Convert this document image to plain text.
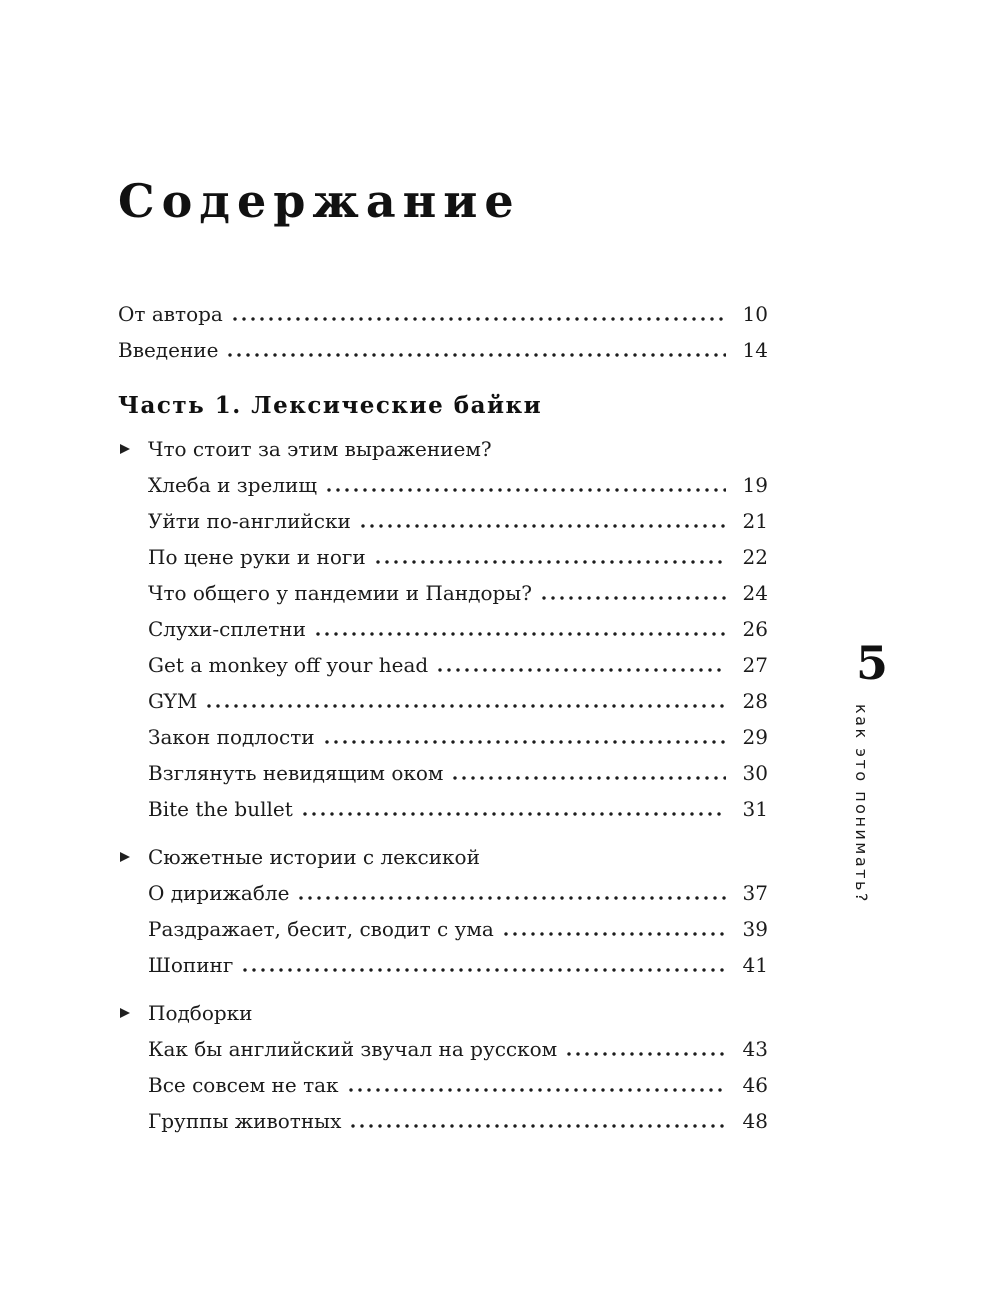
Содержание
От автора	10
Введение	14
Часть 1. Лексические байки
Что стоит за этим выражением?
Хлеба и зрелищ	19
Уйти по-английски	21
По цене руки и ноги	22
Что общего у пандемии и Пандоры?	24
Слухи-сплетни	26
Get a monkey off your head	27
GYM	28
Закон подлости	29
Взглянуть невидящим оком	30
Bite the bullet	31
Сюжетные истории с лексикой
О дирижабле	37
Раздражает, бесит, сводит с ума	39
Шопинг	41
Подборки
Как бы английский звучал на русском	43
Все совсем не так	46
Группы животных	48
5
как это понимать?
